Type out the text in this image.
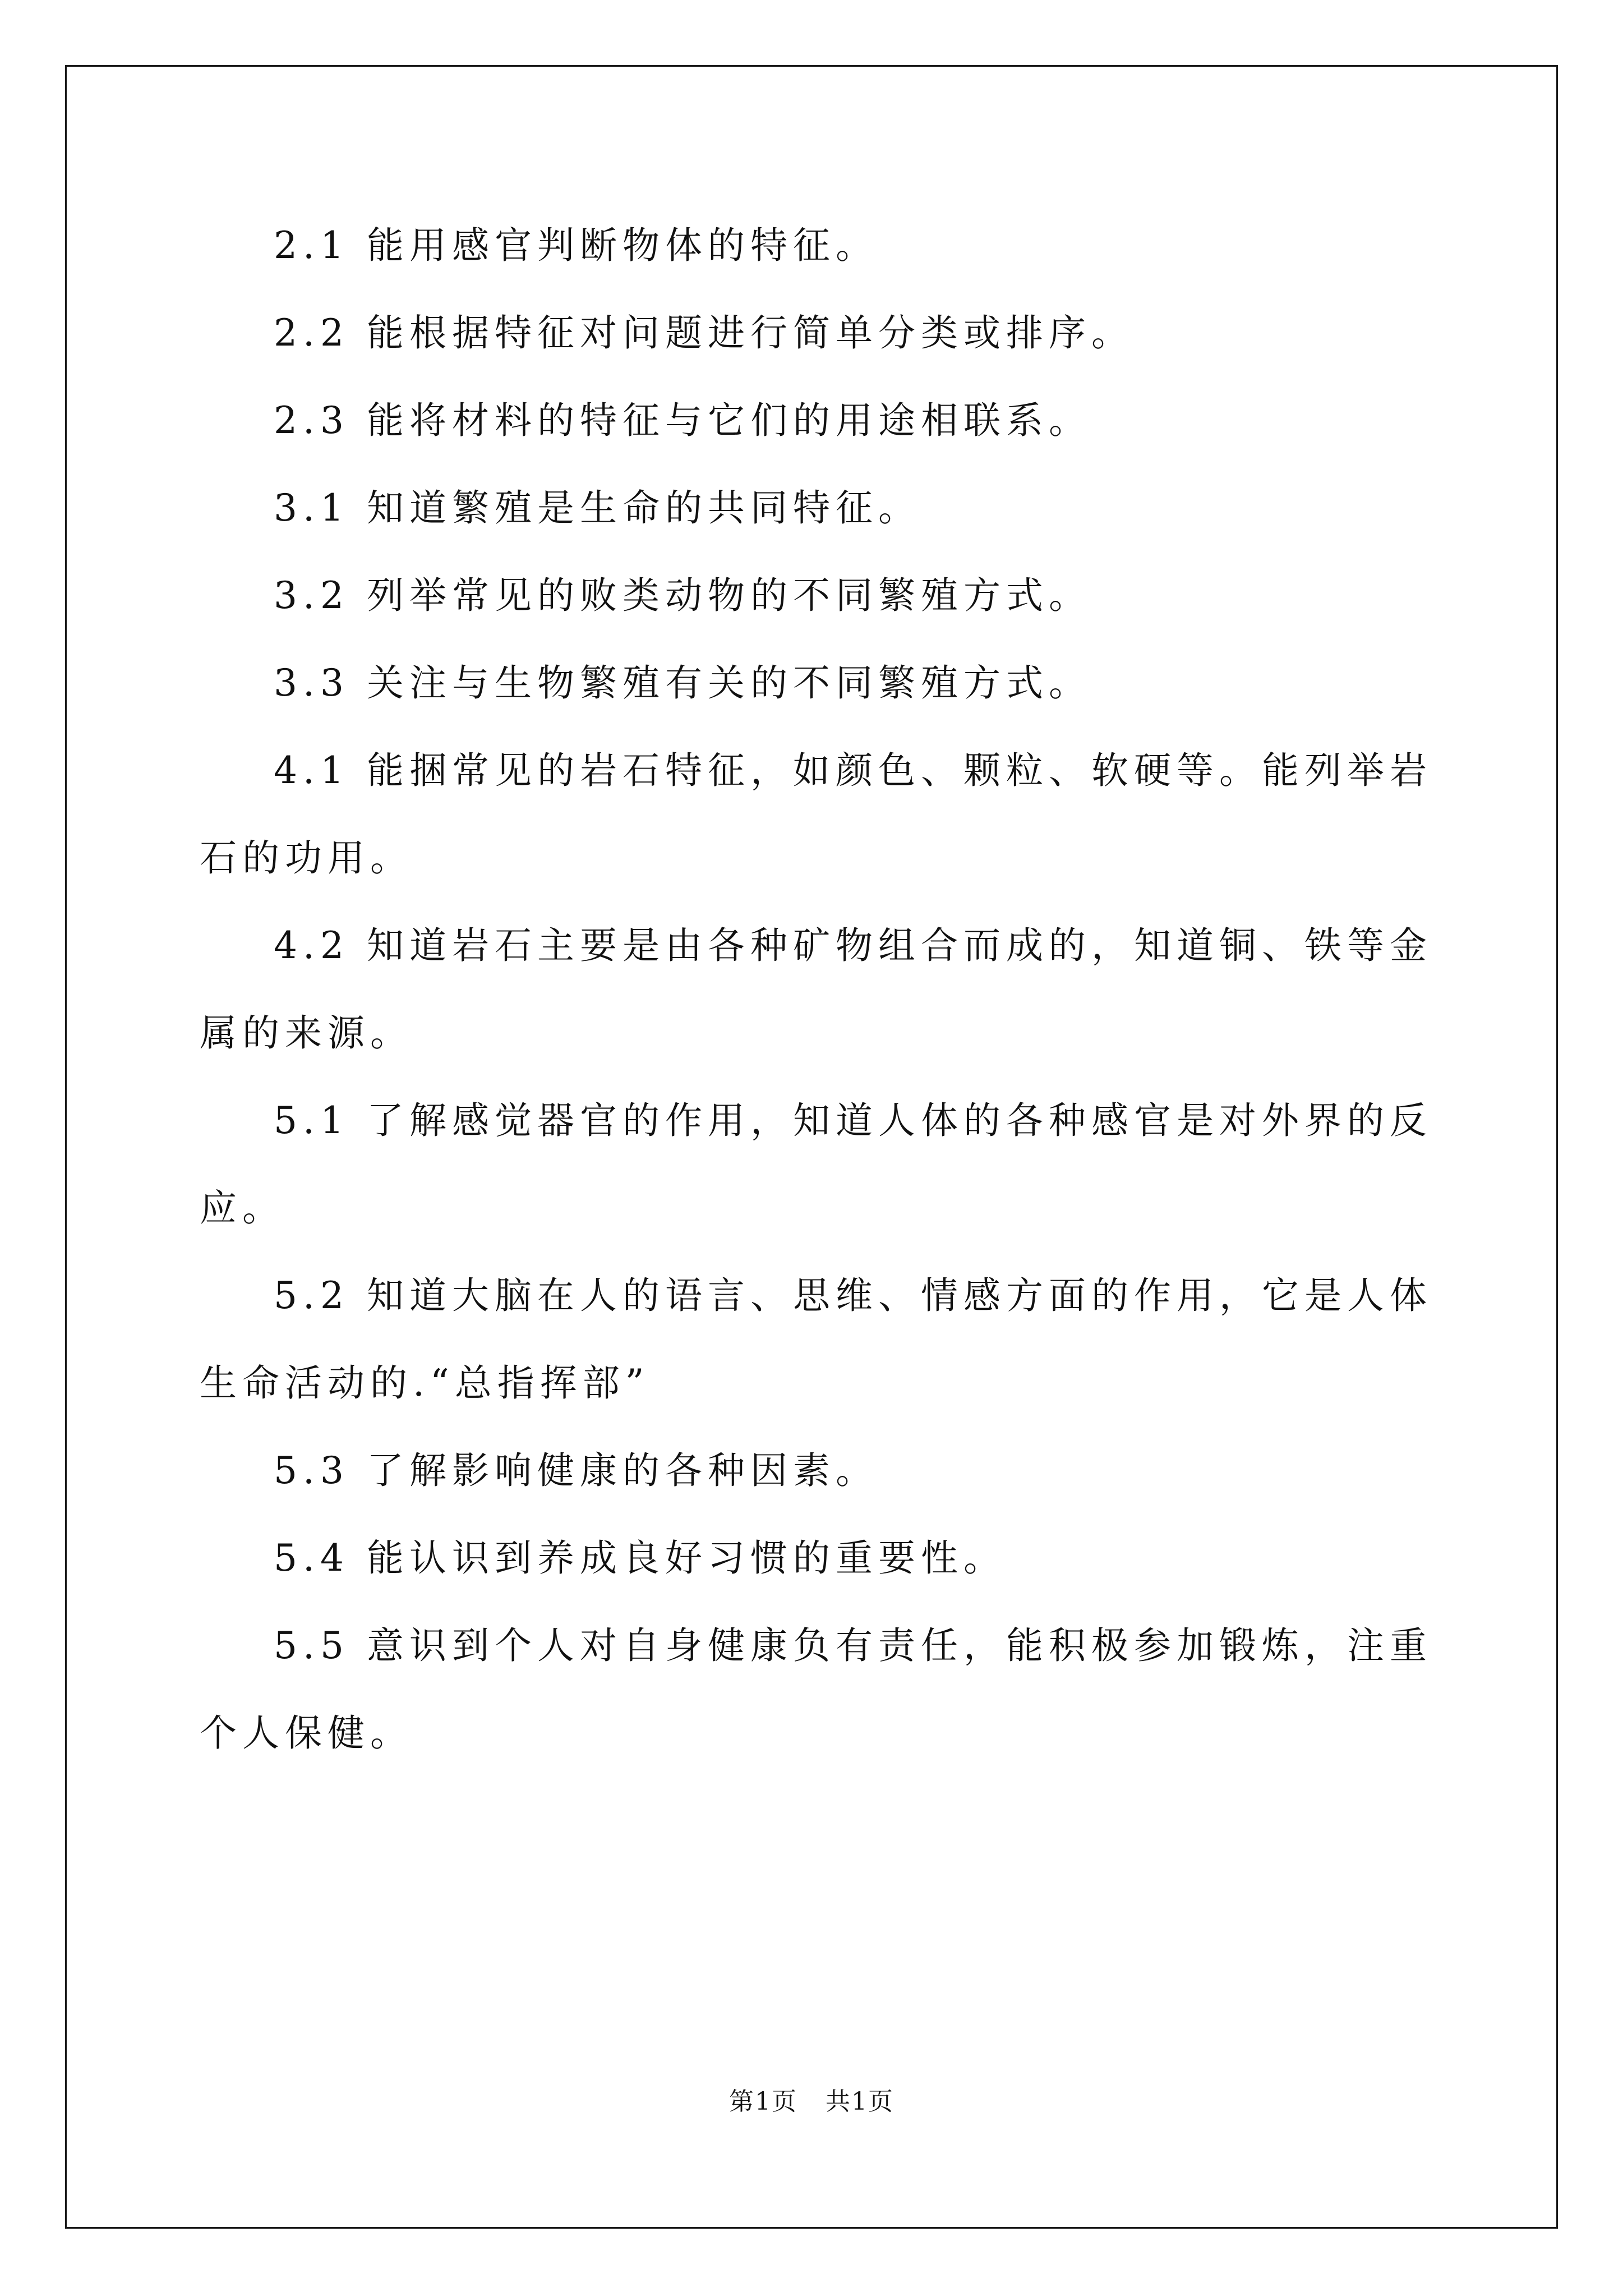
2.1 能用感官判断物体的特征。

2.2 能根据特征对问题进行简单分类或排序。

2.3 能将材料的特征与它们的用途相联系。

3.1 知道繁殖是生命的共同特征。

3.2 列举常见的败类动物的不同繁殖方式。

3.3 关注与生物繁殖有关的不同繁殖方式。

4.1 能捆常见的岩石特征，如颜色、颗粒、软硬等。能列举岩石的功用。

4.2 知道岩石主要是由各种矿物组合而成的，知道铜、铁等金属的来源。

5.1 了解感觉器官的作用，知道人体的各种感官是对外界的反应。

5.2 知道大脑在人的语言、思维、情感方面的作用，它是人体生命活动的.“总指挥部”

5.3 了解影响健康的各种因素。

5.4 能认识到养成良好习惯的重要性。

5.5 意识到个人对自身健康负有责任，能积极参加锻炼，注重个人保健。

第1页 共1页
